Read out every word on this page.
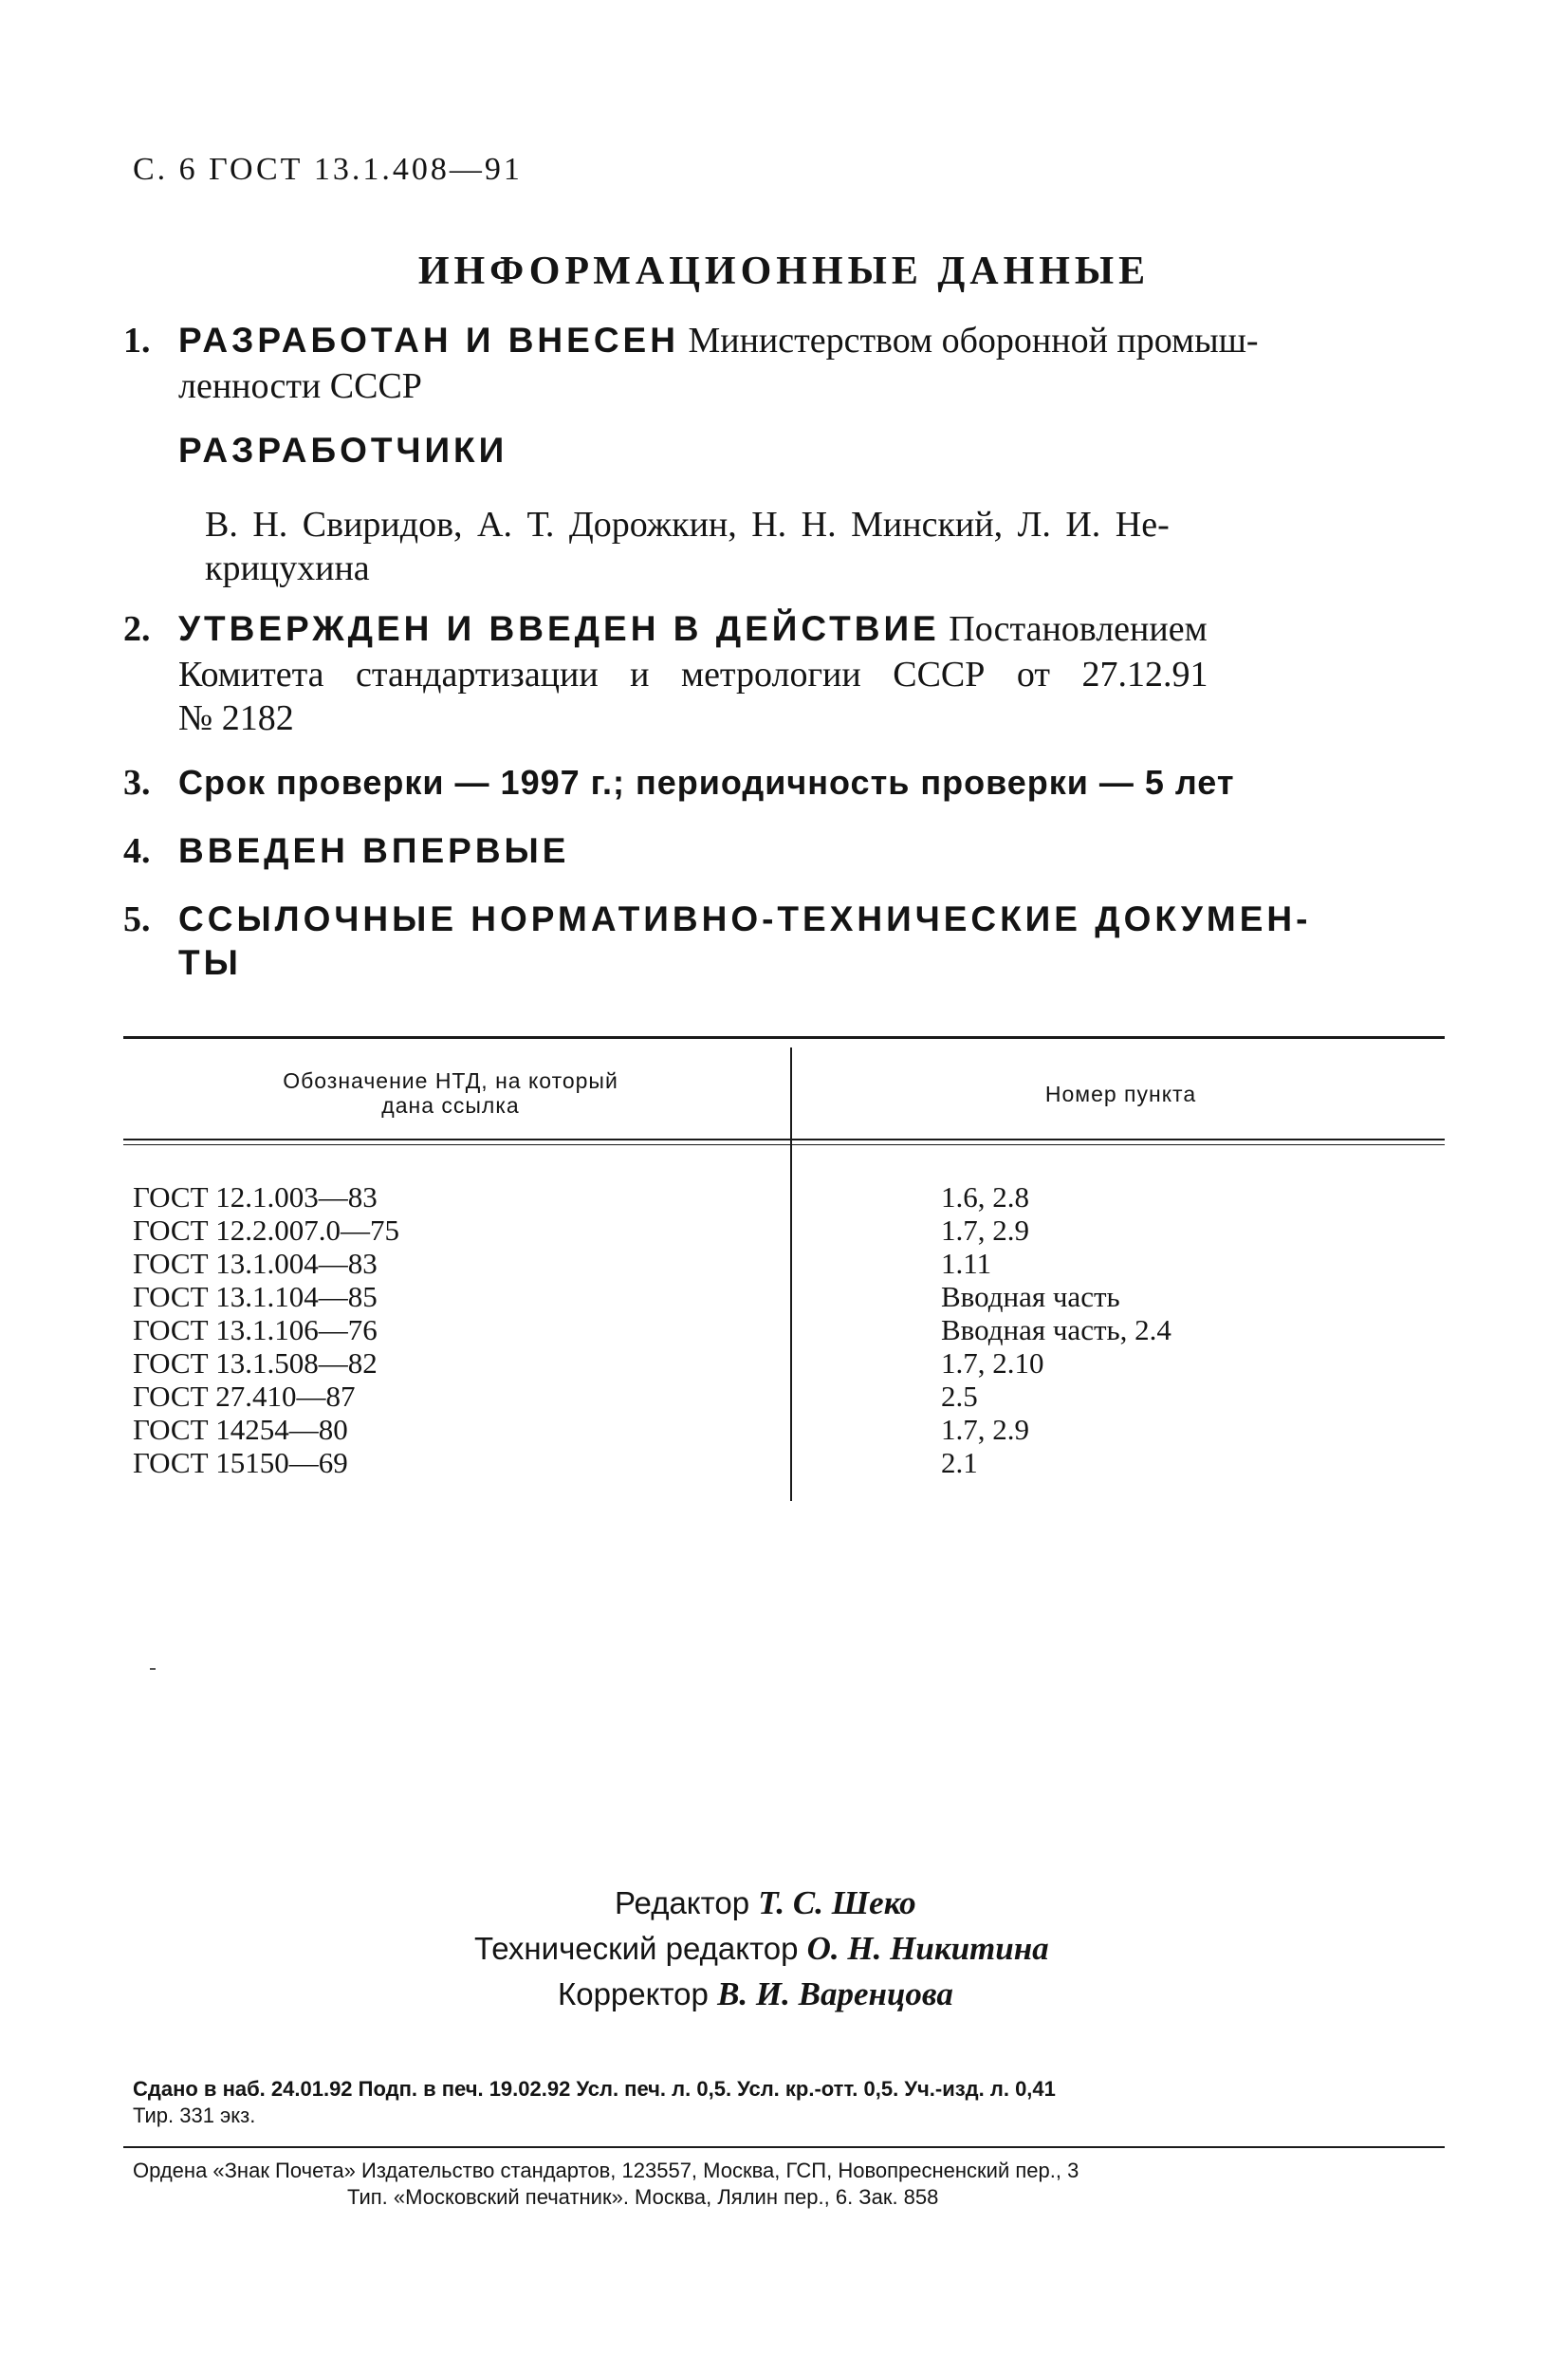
С. 6 ГОСТ 13.1.408—91
ИНФОРМАЦИОННЫЕ ДАННЫЕ
1. РАЗРАБОТАН И ВНЕСЕН Министерством оборонной промыш-
ленности СССР
РАЗРАБОТЧИКИ
В. Н. Свиридов, А. Т. Дорожкин, Н. Н. Минский, Л. И. Не-
крицухина
2. УТВЕРЖДЕН И ВВЕДЕН В ДЕЙСТВИЕ Постановлением
Комитета стандартизации и метрологии СССР от 27.12.91
№ 2182
3. Срок проверки — 1997 г.; периодичность проверки — 5 лет
4. ВВЕДЕН ВПЕРВЫЕ
5. ССЫЛОЧНЫЕ НОРМАТИВНО-ТЕХНИЧЕСКИЕ ДОКУМЕН-
ТЫ
Обозначение НТД, на который
дана ссылка	Номер пункта
ГОСТ 12.1.003—83
ГОСТ 12.2.007.0—75
ГОСТ 13.1.004—83
ГОСТ 13.1.104—85
ГОСТ 13.1.106—76
ГОСТ 13.1.508—82
ГОСТ 27.410—87
ГОСТ 14254—80
ГОСТ 15150—69
1.6, 2.8
1.7, 2.9
1.11
Вводная часть
Вводная часть, 2.4
1.7, 2.10
2.5
1.7, 2.9
2.1
Редактор Т. С. Шеко
Технический редактор О. Н. Никитина
Корректор В. И. Варенцова
Сдано в наб. 24.01.92 Подп. в печ. 19.02.92 Усл. печ. л. 0,5. Усл. кр.-отт. 0,5. Уч.-изд. л. 0,41
Тир. 331 экз.
Ордена «Знак Почета» Издательство стандартов, 123557, Москва, ГСП, Новопресненский пер., 3
Тип. «Московский печатник». Москва, Лялин пер., 6. Зак. 858
